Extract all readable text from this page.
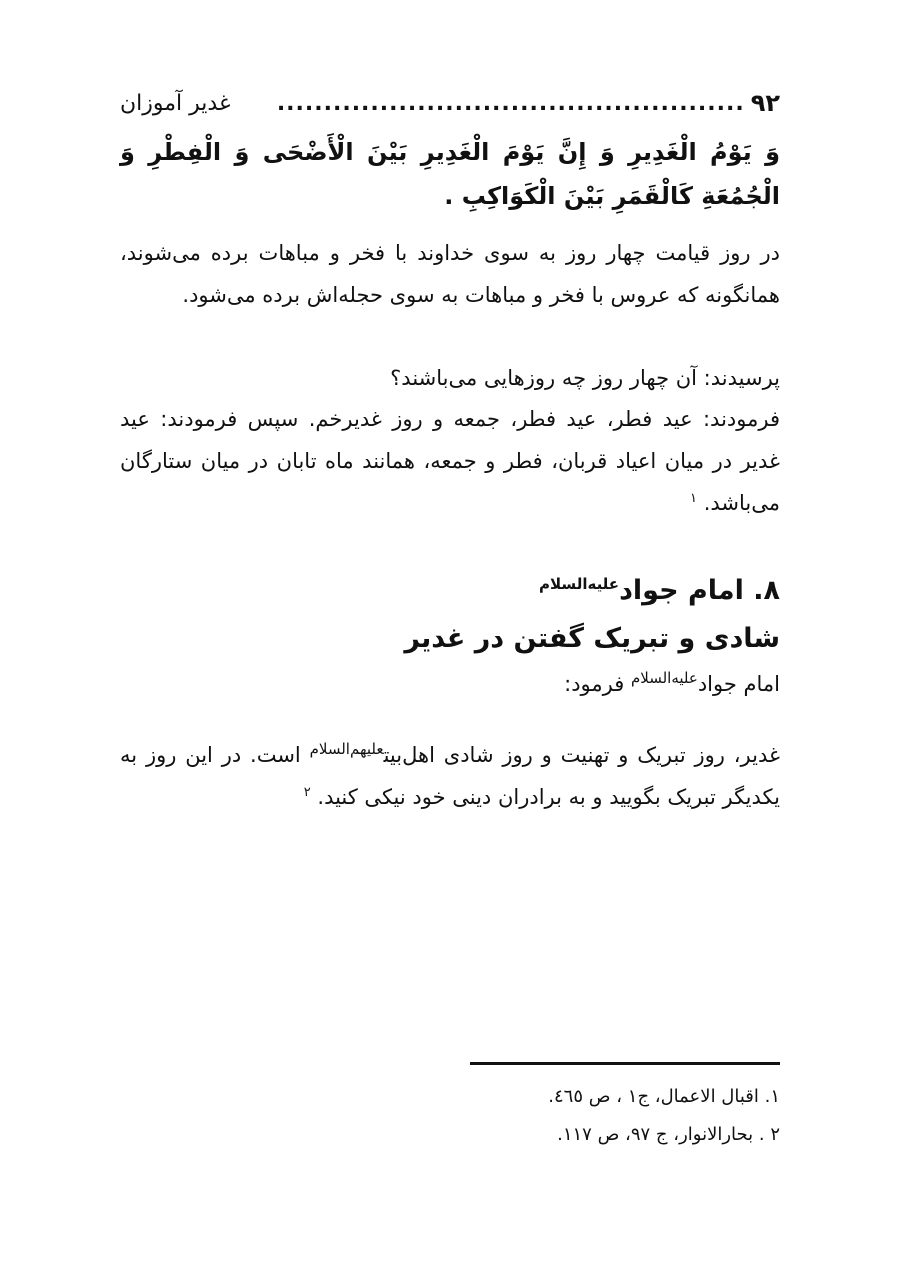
۹۲
..................................................
غدیر آموزان
وَ يَوْمُ الْغَدِيرِ وَ إِنَّ يَوْمَ الْغَدِيرِ بَيْنَ الْأَضْحَى وَ الْفِطْرِ وَ الْجُمُعَةِ كَالْقَمَرِ بَيْنَ الْكَوَاكِبِ .
در روز قیامت چهار روز به سوی خداوند با فخر و مباهات برده می‌شوند، همانگونه که عروس با فخر و مباهات به سوی حجله‌اش برده می‌شود.
پرسیدند: آن چهار روز چه روزهایی می‌باشند؟
فرمودند: عید فطر، عید فطر، جمعه و روز غدیرخم. سپس فرمودند: عید غدیر در میان اعیاد قربان، فطر و جمعه، همانند ماه تابان در میان ستارگان می‌باشد. $^۱$
۸. امام جواد$^{عليه‌السلام}$
شادی و تبریک گفتن در غدیر
امام جواد$^{عليه‌السلام}$ فرمود:
غدیر، روز تبریک و تهنیت و روز شادی اهل‌بیت$^{عليهم‌السلام}$ است. در این روز به یکدیگر تبریک بگویید و به برادران دینی خود نیکی کنید. $^۲$
۱. اقبال الاعمال، ج۱ ، ص ٤٦٥.
۲ . بحارالانوار، ج ۹۷، ص ۱۱۷.
